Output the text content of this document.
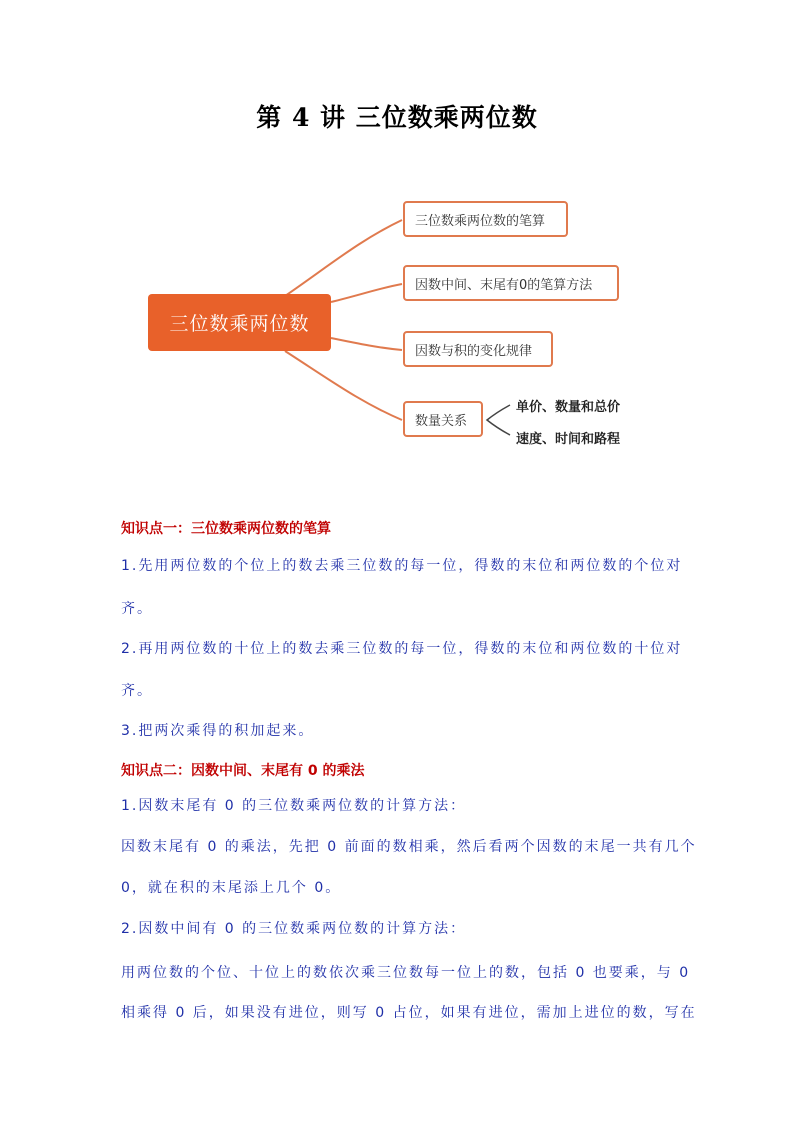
第 4 讲 三位数乘两位数
三位数乘两位数
三位数乘两位数的笔算
因数中间、末尾有0的笔算方法
因数与积的变化规律
数量关系
单价、数量和总价
速度、时间和路程
知识点一：三位数乘两位数的笔算
1.先用两位数的个位上的数去乘三位数的每一位，得数的末位和两位数的个位对
齐。
2.再用两位数的十位上的数去乘三位数的每一位，得数的末位和两位数的十位对
齐。
3.把两次乘得的积加起来。
知识点二：因数中间、末尾有 0 的乘法
1.因数末尾有 0 的三位数乘两位数的计算方法：
因数末尾有 0 的乘法，先把 0 前面的数相乘，然后看两个因数的末尾一共有几个
0，就在积的末尾添上几个 0。
2.因数中间有 0 的三位数乘两位数的计算方法：
用两位数的个位、十位上的数依次乘三位数每一位上的数，包括 0 也要乘，与 0
相乘得 0 后，如果没有进位，则写 0 占位，如果有进位，需加上进位的数，写在
